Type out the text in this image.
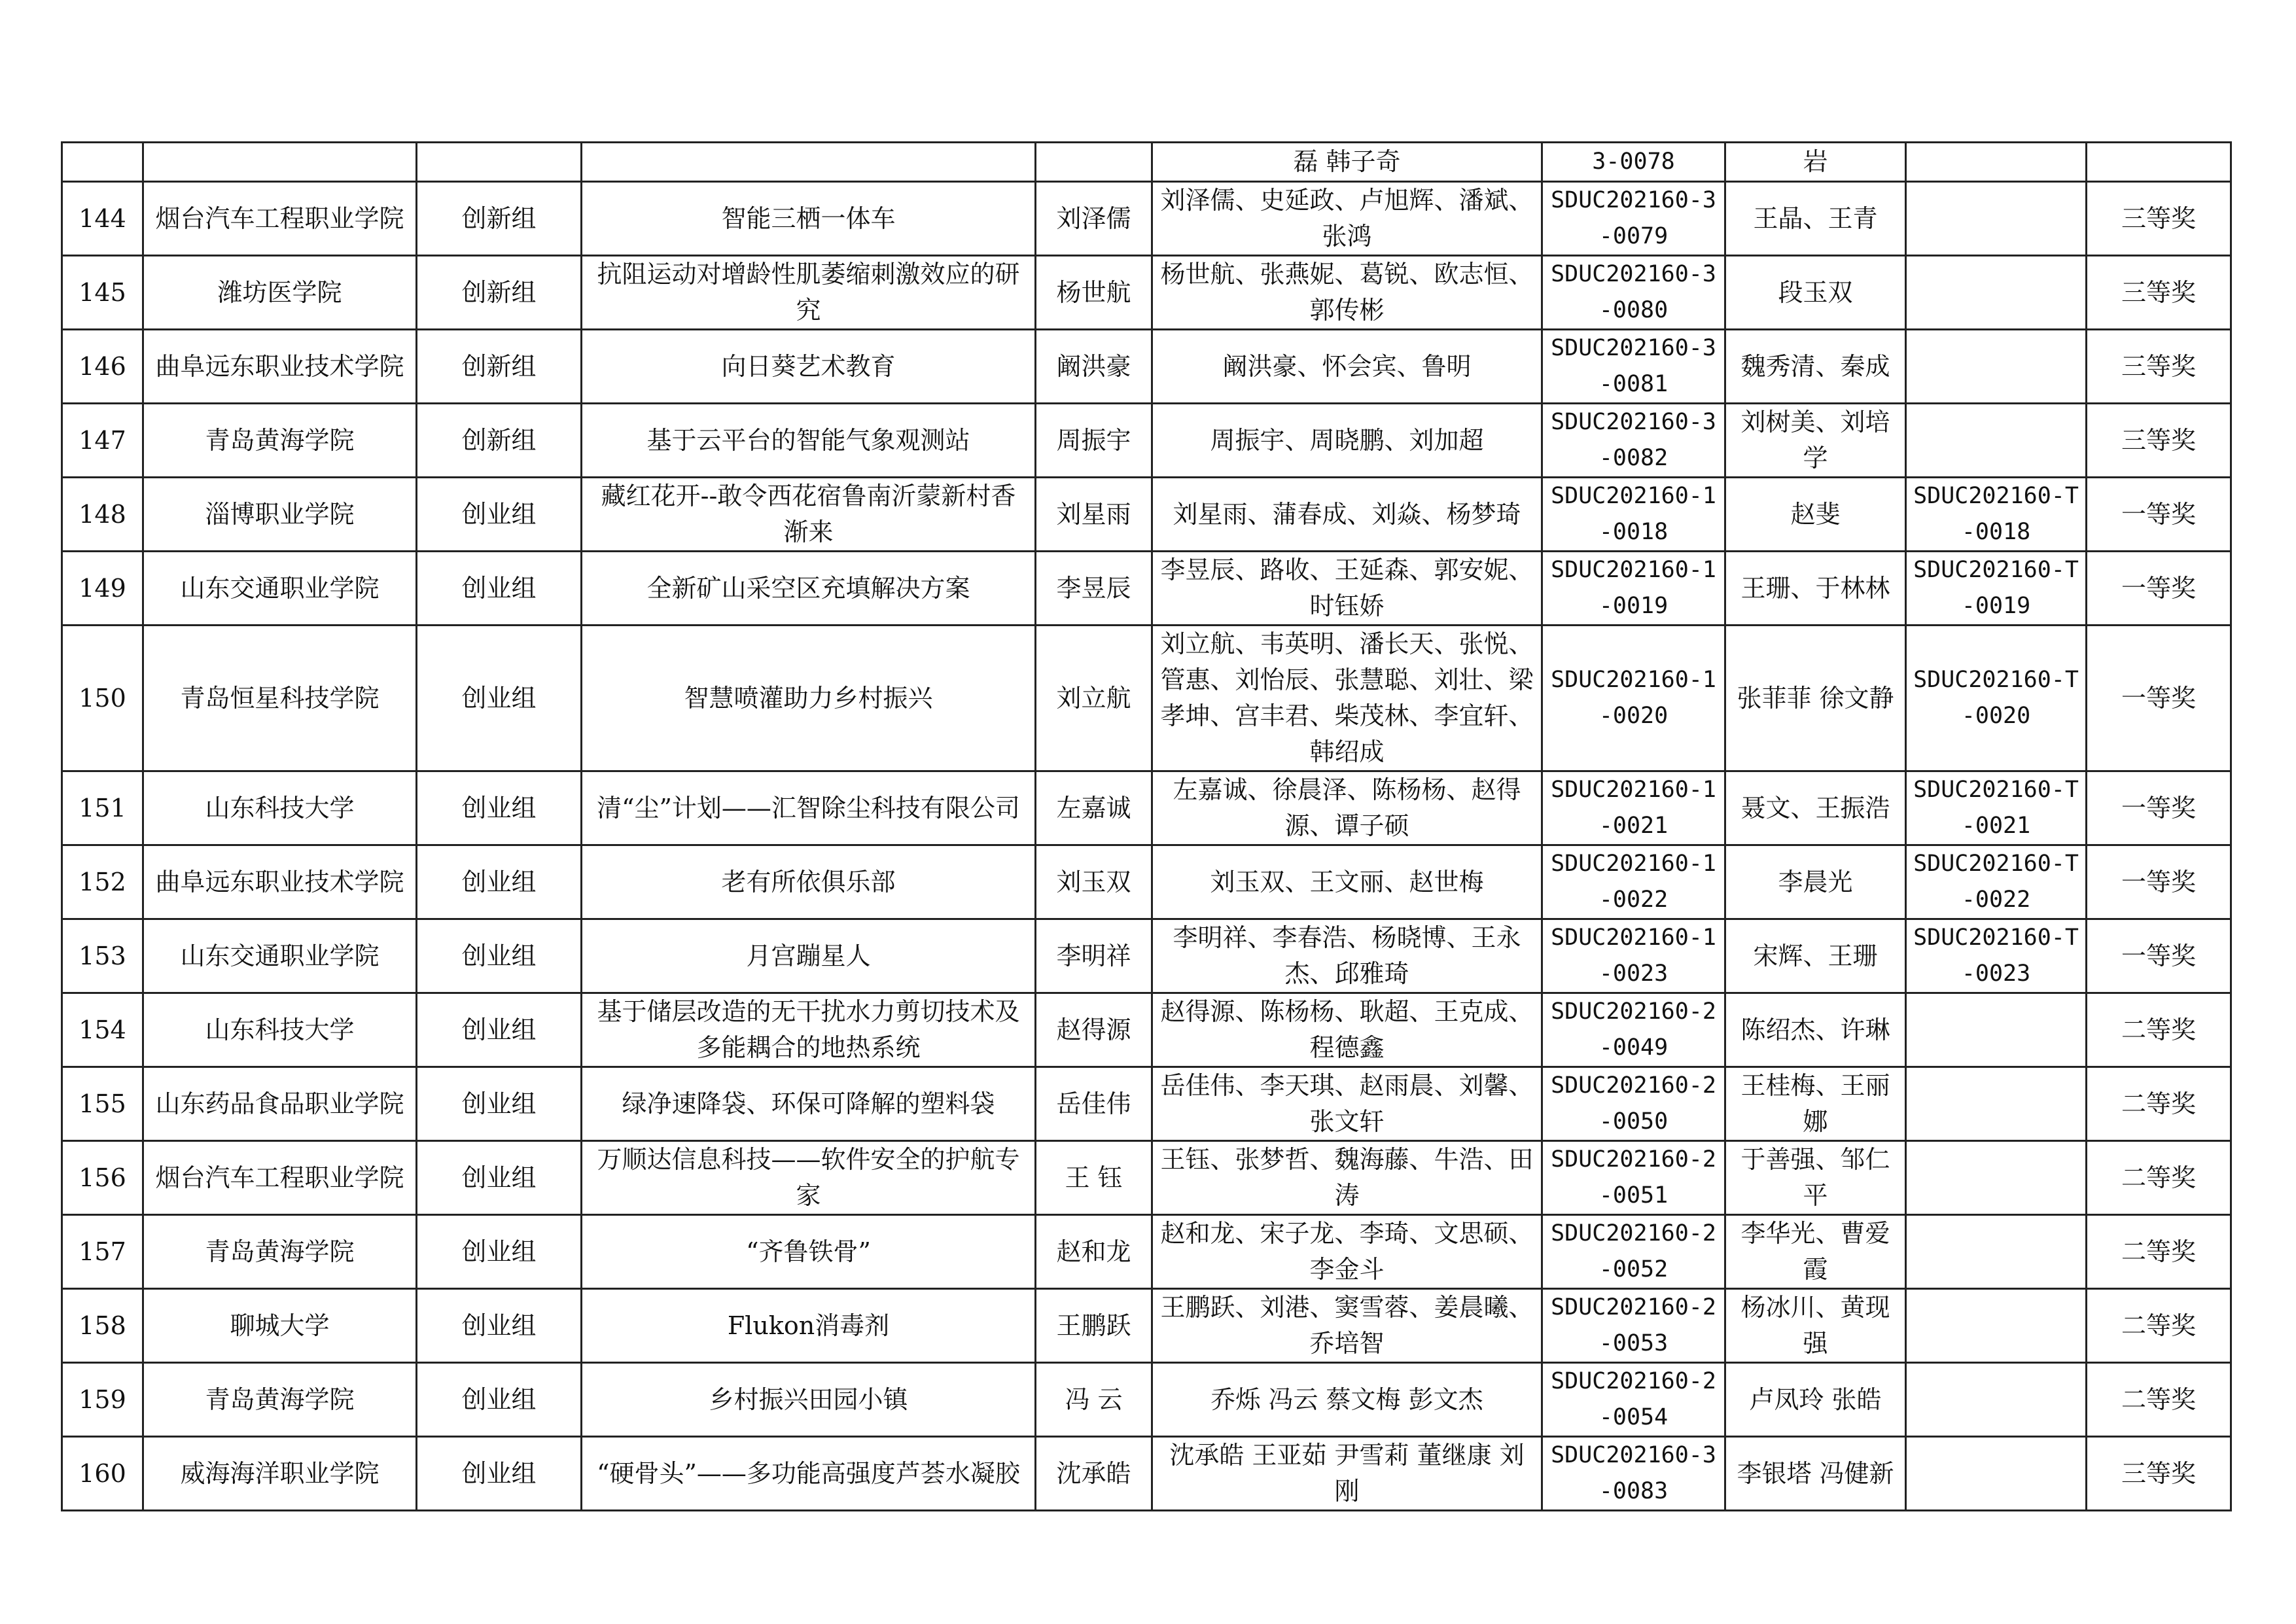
					磊 韩子奇	3-0078	岩		
144	烟台汽车工程职业学院	创新组	智能三栖一体车	刘泽儒	刘泽儒、史延政、卢旭辉、潘斌、张鸿	SDUC202160-3-0079	王晶、王青		三等奖
145	潍坊医学院	创新组	抗阻运动对增龄性肌萎缩刺激效应的研究	杨世航	杨世航、张燕妮、葛锐、欧志恒、郭传彬	SDUC202160-3-0080	段玉双		三等奖
146	曲阜远东职业技术学院	创新组	向日葵艺术教育	阚洪豪	阚洪豪、怀会宾、鲁明	SDUC202160-3-0081	魏秀清、秦成		三等奖
147	青岛黄海学院	创新组	基于云平台的智能气象观测站	周振宇	周振宇、周晓鹏、刘加超	SDUC202160-3-0082	刘树美、刘培学		三等奖
148	淄博职业学院	创业组	藏红花开--敢令西花宿鲁南沂蒙新村香渐来	刘星雨	刘星雨、蒲春成、刘焱、杨梦琦	SDUC202160-1-0018	赵斐	SDUC202160-T-0018	一等奖
149	山东交通职业学院	创业组	全新矿山采空区充填解决方案	李昱辰	李昱辰、路收、王延森、郭安妮、时钰娇	SDUC202160-1-0019	王珊、于林林	SDUC202160-T-0019	一等奖
150	青岛恒星科技学院	创业组	智慧喷灌助力乡村振兴	刘立航	刘立航、韦英明、潘长天、张悦、管惠、刘怡辰、张慧聪、刘壮、梁孝坤、宫丰君、柴茂林、李宜轩、韩绍成	SDUC202160-1-0020	张菲菲 徐文静	SDUC202160-T-0020	一等奖
151	山东科技大学	创业组	清“尘”计划——汇智除尘科技有限公司	左嘉诚	左嘉诚、徐晨泽、陈杨杨、赵得源、谭子硕	SDUC202160-1-0021	聂文、王振浩	SDUC202160-T-0021	一等奖
152	曲阜远东职业技术学院	创业组	老有所依俱乐部	刘玉双	刘玉双、王文丽、赵世梅	SDUC202160-1-0022	李晨光	SDUC202160-T-0022	一等奖
153	山东交通职业学院	创业组	月宫蹦星人	李明祥	李明祥、李春浩、杨晓博、王永杰、邱雅琦	SDUC202160-1-0023	宋辉、王珊	SDUC202160-T-0023	一等奖
154	山东科技大学	创业组	基于储层改造的无干扰水力剪切技术及多能耦合的地热系统	赵得源	赵得源、陈杨杨、耿超、王克成、程德鑫	SDUC202160-2-0049	陈绍杰、许琳		二等奖
155	山东药品食品职业学院	创业组	绿净速降袋、环保可降解的塑料袋	岳佳伟	岳佳伟、李天琪、赵雨晨、刘馨、张文轩	SDUC202160-2-0050	王桂梅、王丽娜		二等奖
156	烟台汽车工程职业学院	创业组	万顺达信息科技——软件安全的护航专家	王 钰	王钰、张梦哲、魏海藤、牛浩、田涛	SDUC202160-2-0051	于善强、邹仁平		二等奖
157	青岛黄海学院	创业组	“齐鲁铁骨”	赵和龙	赵和龙、宋子龙、李琦、文思硕、李金斗	SDUC202160-2-0052	李华光、曹爱霞		二等奖
158	聊城大学	创业组	Flukon消毒剂	王鹏跃	王鹏跃、刘港、窦雪蓉、姜晨曦、乔培智	SDUC202160-2-0053	杨冰川、黄现强		二等奖
159	青岛黄海学院	创业组	乡村振兴田园小镇	冯 云	乔烁 冯云 蔡文梅 彭文杰	SDUC202160-2-0054	卢凤玲 张皓		二等奖
160	威海海洋职业学院	创业组	“硬骨头”——多功能高强度芦荟水凝胶	沈承皓	沈承皓 王亚茹 尹雪莉 董继康 刘刚	SDUC202160-3-0083	李银塔 冯健新		三等奖
